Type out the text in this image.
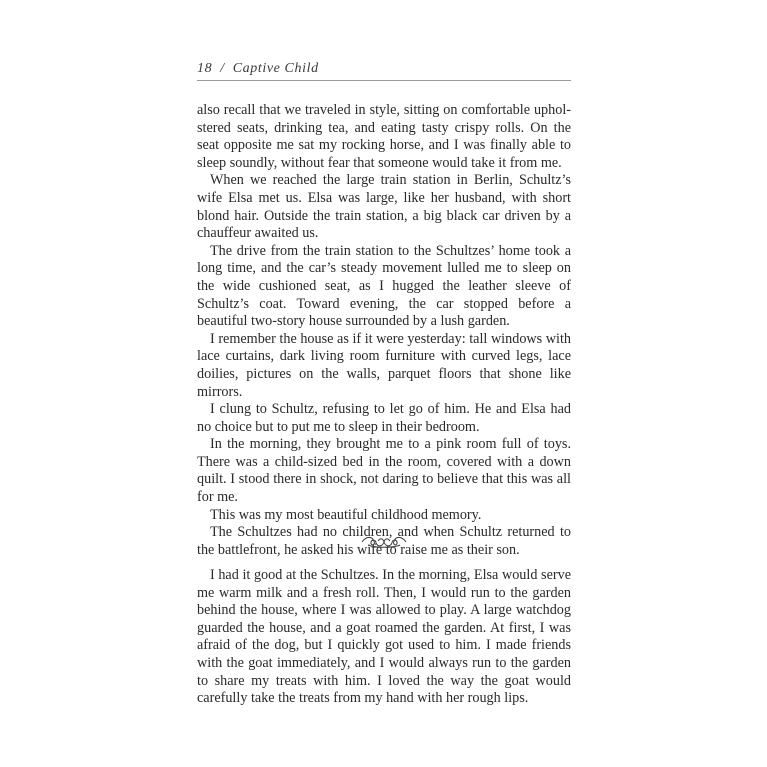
18 / Captive Child

also recall that we traveled in style, sitting on comfortable upholstered seats, drinking tea, and eating tasty crispy rolls. On the seat opposite me sat my rocking horse, and I was finally able to sleep soundly, without fear that someone would take it from me.

When we reached the large train station in Berlin, Schultz’s wife Elsa met us. Elsa was large, like her husband, with short blond hair. Outside the train station, a big black car driven by a chauffeur awaited us.

The drive from the train station to the Schultzes’ home took a long time, and the car’s steady movement lulled me to sleep on the wide cushioned seat, as I hugged the leather sleeve of Schultz’s coat. Toward evening, the car stopped before a beautiful two-story house surrounded by a lush garden.

I remember the house as if it were yesterday: tall windows with lace curtains, dark living room furniture with curved legs, lace doilies, pictures on the walls, parquet floors that shone like mirrors.

I clung to Schultz, refusing to let go of him. He and Elsa had no choice but to put me to sleep in their bedroom.

In the morning, they brought me to a pink room full of toys. There was a child-sized bed in the room, covered with a down quilt. I stood there in shock, not daring to believe that this was all for me.

This was my most beautiful childhood memory.

The Schultzes had no children, and when Schultz returned to the battlefront, he asked his wife to raise me as their son.

I had it good at the Schultzes. In the morning, Elsa would serve me warm milk and a fresh roll. Then, I would run to the garden behind the house, where I was allowed to play. A large watchdog guarded the house, and a goat roamed the garden. At first, I was afraid of the dog, but I quickly got used to him. I made friends with the goat immediately, and I would always run to the garden to share my treats with him. I loved the way the goat would carefully take the treats from my hand with her rough lips.
